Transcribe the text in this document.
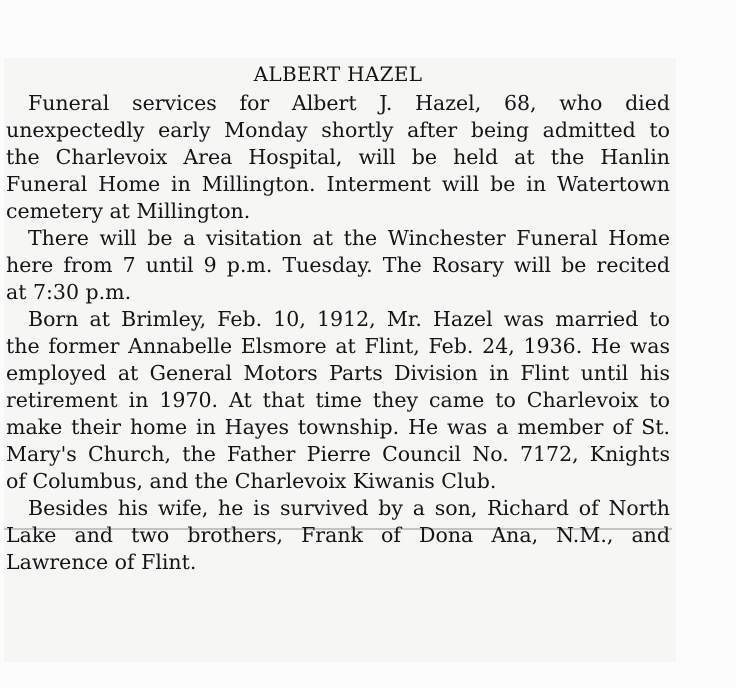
ALBERT HAZEL
Funeral services for Albert J. Hazel, 68, who died
unexpectedly early Monday shortly after being admitted to
the Charlevoix Area Hospital, will be held at the Hanlin
Funeral Home in Millington. Interment will be in Watertown
cemetery at Millington.
There will be a visitation at the Winchester Funeral Home
here from 7 until 9 p.m. Tuesday. The Rosary will be recited
at 7:30 p.m.
Born at Brimley, Feb. 10, 1912, Mr. Hazel was married to
the former Annabelle Elsmore at Flint, Feb. 24, 1936. He was
employed at General Motors Parts Division in Flint until his
retirement in 1970. At that time they came to Charlevoix to
make their home in Hayes township. He was a member of St.
Mary's Church, the Father Pierre Council No. 7172, Knights
of Columbus, and the Charlevoix Kiwanis Club.
Besides his wife, he is survived by a son, Richard of North
Lake and two brothers, Frank of Dona Ana, N.M., and
Lawrence of Flint.
